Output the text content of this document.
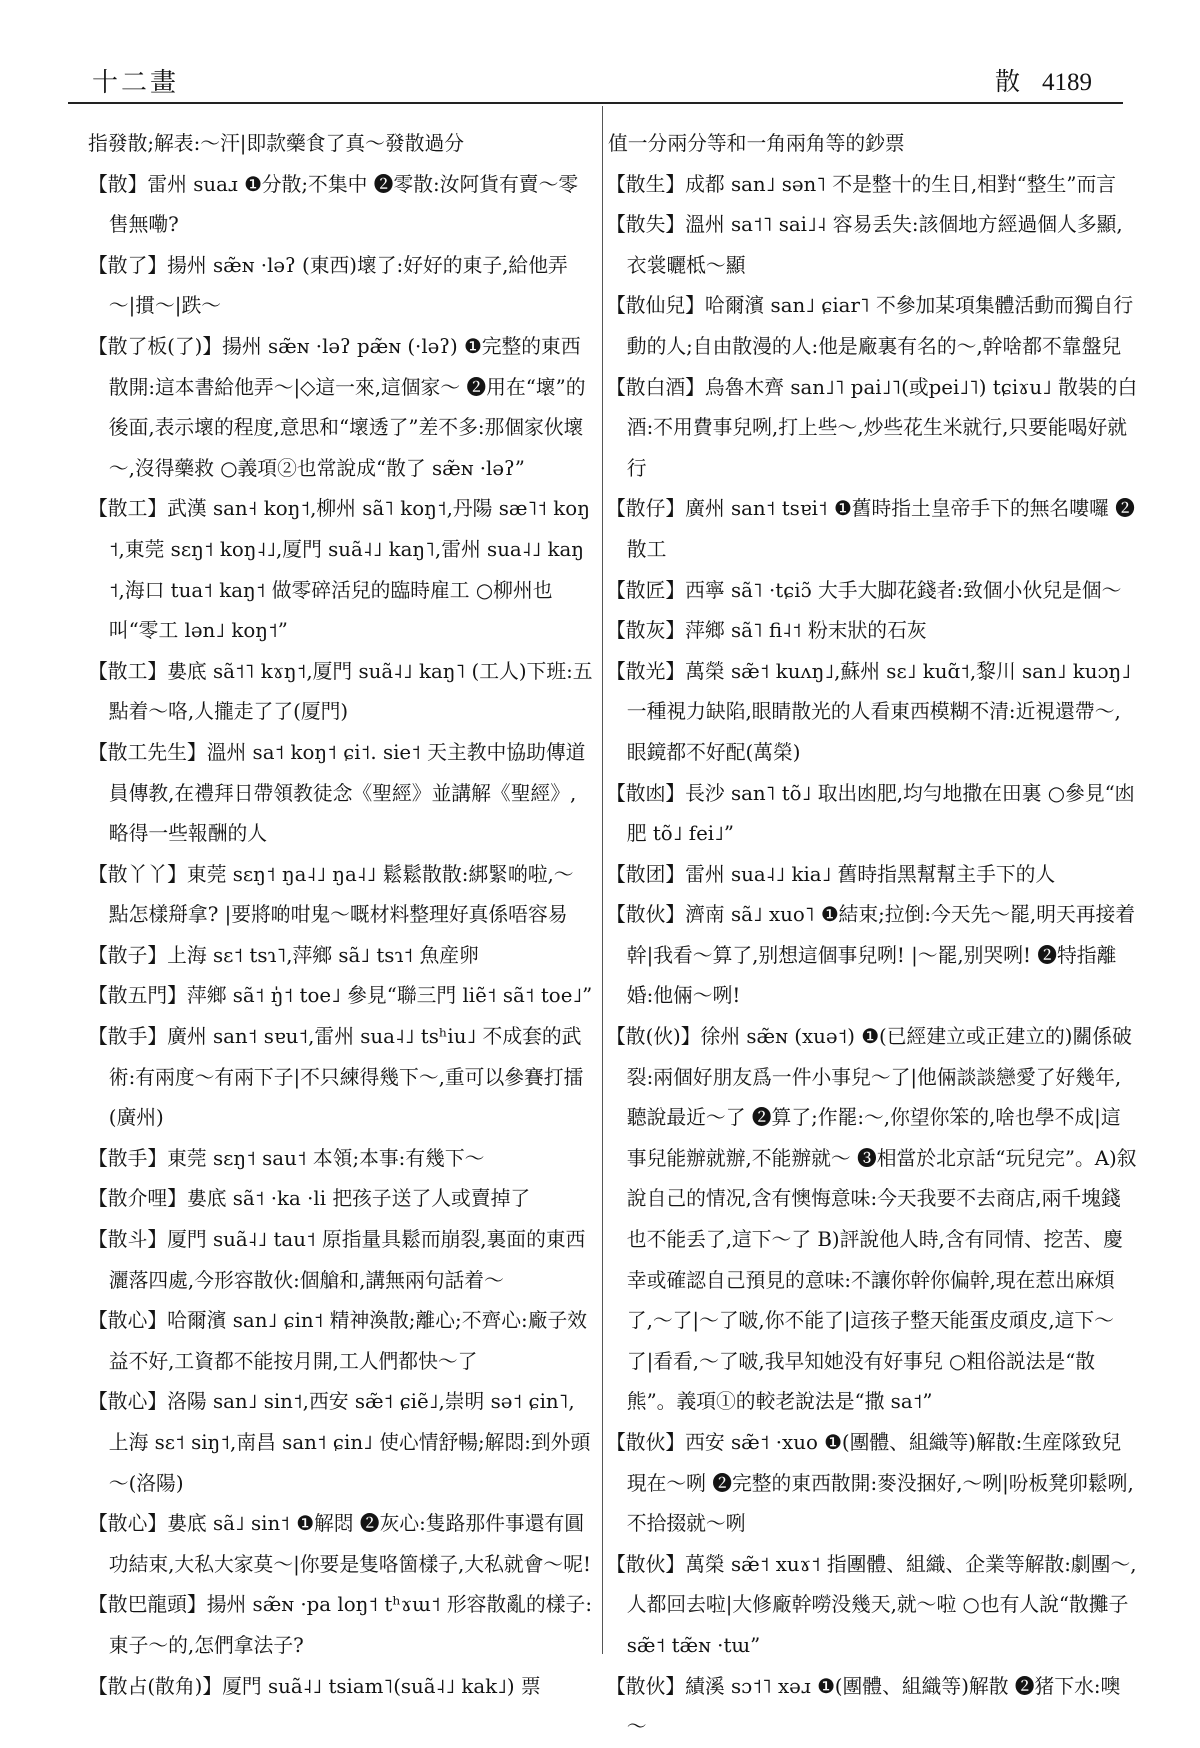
十二畫	散 4189
指發散;解表:～汗|即款藥食了真～發散過分
【散】雷州 suaɹ ❶分散;不集中 ❷零散:汝阿貨有賣～零售無嘞?
【散了】揚州 sæ̃ɴ ·ləʔ (東西)壞了:好好的東子,給他弄～|摜～|跌～
【散了板(了)】揚州 sæ̃ɴ ·ləʔ pæ̃ɴ (·ləʔ) ❶完整的東西散開:這本書給他弄～|◇這一來,這個家～ ❷用在“壞”的後面,表示壞的程度,意思和“壞透了”差不多:那個家伙壞～,沒得藥救 ○義項②也常說成“散了 sæ̃ɴ ·ləʔ”
【散工】武漢 san˧ koŋ˦,柳州 sã˥ koŋ˦,丹陽 sæ˥˦ koŋ˦,東莞 sɛŋ˦ koŋ˨˩,厦門 suã˨˩ kaŋ˥,雷州 sua˨˩ kaŋ˦,海口 tua˦ kaŋ˦ 做零碎活兒的臨時雇工 ○柳州也叫“零工 lən˩ koŋ˦”
【散工】婁底 sã˦˥ kɤŋ˦,厦門 suã˨˩ kaŋ˥ (工人)下班:五點着～咯,人攏走了了(厦門)
【散工先生】溫州 sa˦ koŋ˦ ɕi˦. sie˦ 天主教中協助傳道員傳教,在禮拜日帶領教徒念《聖經》並講解《聖經》,略得一些報酬的人
【散丫丫】東莞 sɛŋ˦ ŋa˨˩ ŋa˨˩ 鬆鬆散散:綁緊啲啦,～點怎樣搿拿? |要將啲咁鬼～嘅材料整理好真係唔容易
【散子】上海 sɛ˦ tsɿ˥,萍鄉 sã˩ tsɿ˦ 魚産卵
【散五門】萍鄉 sã˦ ŋ̍˦ toe˩ 參見“聯三門 liẽ˦ sã˦ toe˩”
【散手】廣州 san˦ sɐu˦,雷州 sua˨˩ tsʰiu˩ 不成套的武術:有兩度～有兩下子|不只練得幾下～,重可以參賽打擂(廣州)
【散手】東莞 sɛŋ˦ sau˦ 本領;本事:有幾下～
【散介哩】婁底 sã˦ ·ka ·li 把孩子送了人或賣掉了
【散斗】厦門 suã˨˩ tau˦ 原指量具鬆而崩裂,裏面的東西灑落四處,今形容散伙:個艙和,講無兩句話着～
【散心】哈爾濱 san˩ ɕin˦ 精神渙散;離心;不齊心:廠子效益不好,工資都不能按月開,工人們都快～了
【散心】洛陽 san˩ sin˦,西安 sæ̃˦ ɕiẽ˩,崇明 sə˦ ɕin˥,上海 sɛ˦ siŋ˦,南昌 san˦ ɕin˩ 使心情舒暢;解悶:到外頭～(洛陽)
【散心】婁底 sã˩ sin˦ ❶解悶 ❷灰心:隻路那件事還有圓功結束,大私大家莫～|你要是隻咯箇樣子,大私就會～呢!
【散巴龍頭】揚州 sæ̃ɴ ·pa loŋ˦ tʰɤɯ˦ 形容散亂的樣子:東子～的,怎們拿法子?
【散占(散角)】厦門 suã˨˩ tsiam˥(suã˨˩ kak˩) 票
值一分兩分等和一角兩角等的鈔票
【散生】成都 san˩ sən˥ 不是整十的生日,相對“整生”而言
【散失】溫州 sa˦˥ sai˩˨ 容易丢失:該個地方經過個人多顯,衣裳曬柢～顯
【散仙兒】哈爾濱 san˩ ɕiar˥ 不參加某項集體活動而獨自行動的人;自由散漫的人:他是廠裏有名的～,幹啥都不靠盤兒
【散白酒】烏魯木齊 san˩˥ pai˩˥(或pei˩˥) tɕiɤu˩ 散裝的白酒:不用費事兒咧,打上些～,炒些花生米就行,只要能喝好就行
【散仔】廣州 san˦ tsɐi˦ ❶舊時指土皇帝手下的無名嘍囉 ❷散工
【散匠】西寧 sã˥ ·tɕiɔ̃ 大手大脚花錢者:致個小伙兒是個～
【散灰】萍鄉 sã˥ fi˨˦ 粉末狀的石灰
【散光】萬榮 sæ̃˦ kuʌŋ˩,蘇州 sɛ˩ kuɑ̃˦,黎川 san˩ kuɔŋ˩ 一種視力缺陷,眼睛散光的人看東西模糊不清:近視還帶～,眼鏡都不好配(萬榮)
【散凼】長沙 san˥ tõ˩ 取出凼肥,均勻地撒在田裏 ○參見“凼肥 tõ˩ fei˩”
【散团】雷州 sua˨˩ kia˩ 舊時指黑幫幫主手下的人
【散伙】濟南 sã˩ xuo˥ ❶結束;拉倒:今天先～罷,明天再接着幹|我看～算了,别想這個事兒咧! |～罷,别哭咧! ❷特指離婚:他倆～咧!
【散(伙)】徐州 sæ̃ɴ (xuə˦) ❶(已經建立或正建立的)關係破裂:兩個好朋友爲一件小事兒～了|他倆談談戀愛了好幾年,聽說最近～了 ❷算了;作罷:～,你望你笨的,啥也學不成|這事兒能辦就辦,不能辦就～ ❸相當於北京話“玩兒完”。A)叙說自己的情况,含有懊悔意味:今天我要不去商店,兩千塊錢也不能丢了,這下～了 B)評說他人時,含有同情、挖苦、慶幸或確認自己預見的意味:不讓你幹你偏幹,現在惹出麻煩了,～了|～了啵,你不能了|這孩子整天能蛋皮頑皮,這下～了|看看,～了啵,我早知她没有好事兒 ○粗俗説法是“散熊”。義項①的較老說法是“撒 sa˦”
【散伙】西安 sæ̃˦ ·xuo ❶(團體、組織等)解散:生産隊致兒現在～咧 ❷完整的東西散開:麥没捆好,～咧|吩板凳卯鬆咧,不拾掇就～咧
【散伙】萬榮 sæ̃˦ xuɤ˦ 指團體、組織、企業等解散:劇團～,人都回去啦|大修廠幹嘮没幾天,就～啦 ○也有人說“散攤子 sæ̃˦ tæ̃ɴ ·tɯ”
【散伙】績溪 sɔ˦˥ xəɹ ❶(團體、組織等)解散 ❷猪下水:噢～
